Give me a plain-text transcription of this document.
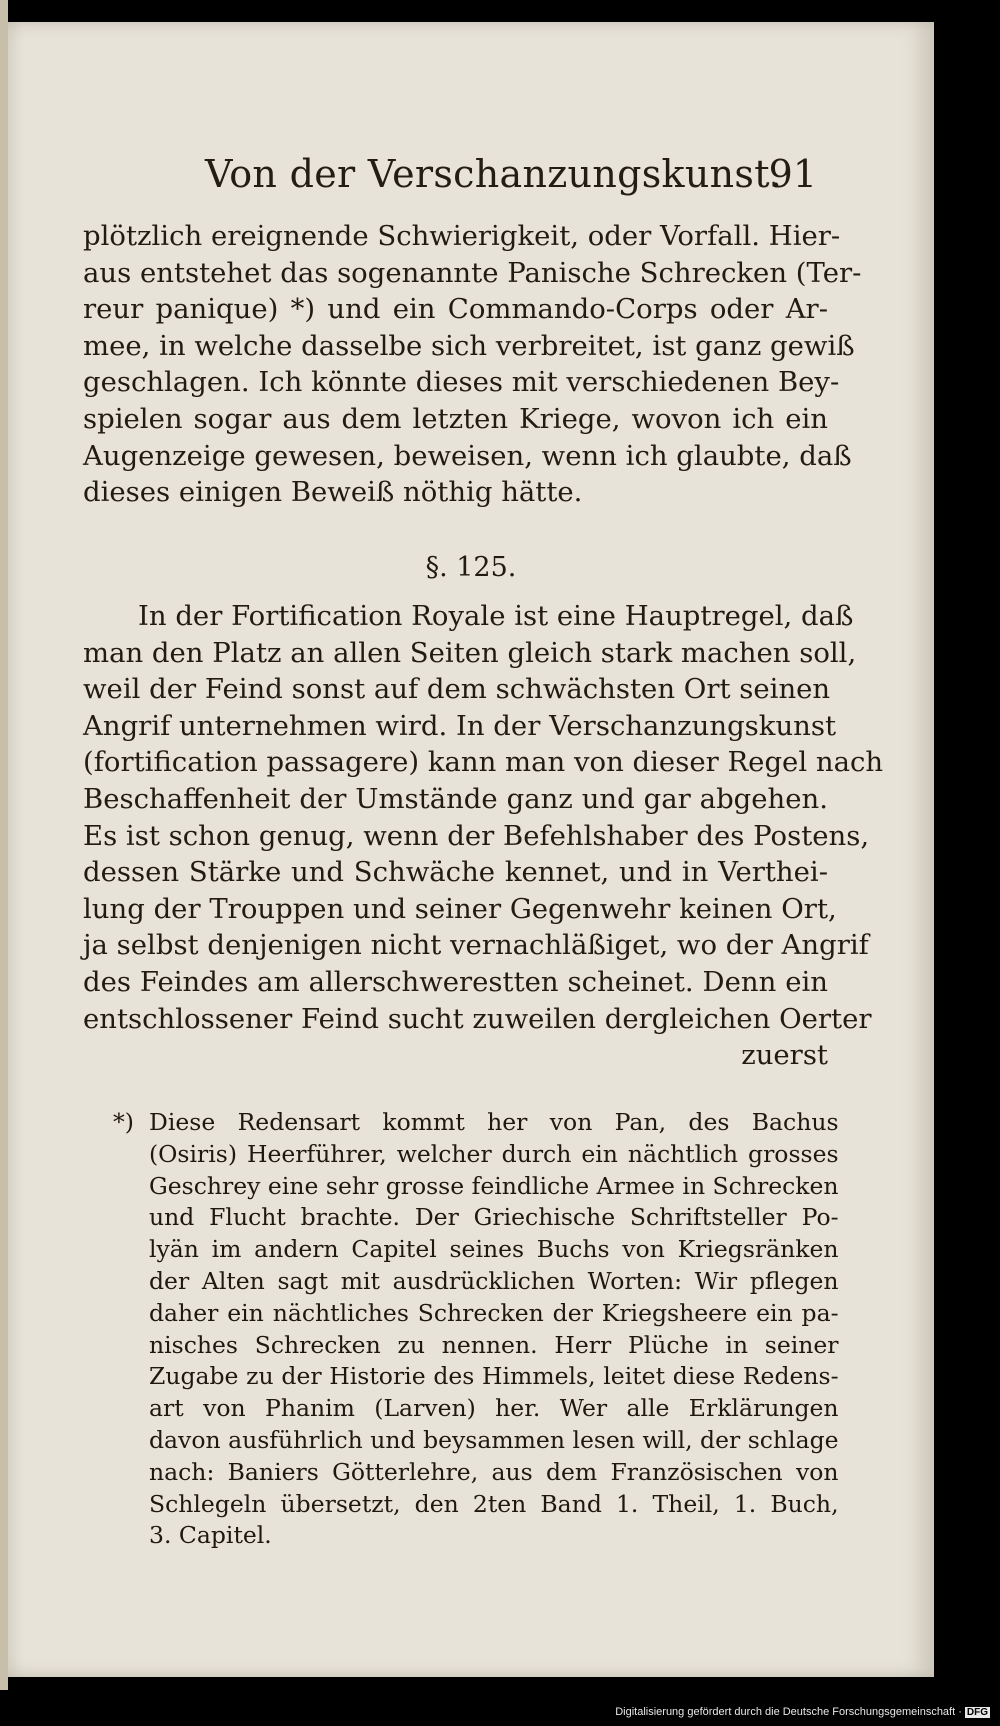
Von der Verschanzungskunst.
91
plötzlich ereignende Schwierigkeit, oder Vorfall. Hier-
aus entstehet das sogenannte Panische Schrecken (Ter-
reur panique) *) und ein Commando-Corps oder Ar-
mee, in welche dasselbe sich verbreitet, ist ganz gewiß
geschlagen. Ich könnte dieses mit verschiedenen Bey-
spielen sogar aus dem letzten Kriege, wovon ich ein
Augenzeige gewesen, beweisen, wenn ich glaubte, daß
dieses einigen Beweiß nöthig hätte.
§. 125.
In der Fortification Royale ist eine Hauptregel, daß
man den Platz an allen Seiten gleich stark machen soll,
weil der Feind sonst auf dem schwächsten Ort seinen
Angrif unternehmen wird. In der Verschanzungskunst
(fortification passagere) kann man von dieser Regel nach
Beschaffenheit der Umstände ganz und gar abgehen.
Es ist schon genug, wenn der Befehlshaber des Postens,
dessen Stärke und Schwäche kennet, und in Verthei-
lung der Trouppen und seiner Gegenwehr keinen Ort,
ja selbst denjenigen nicht vernachläßiget, wo der Angrif
des Feindes am allerschwerestten scheinet. Denn ein
entschlossener Feind sucht zuweilen dergleichen Oerter
zuerst
*) Diese Redensart kommt her von Pan, des Bachus
(Osiris) Heerführer, welcher durch ein nächtlich grosses
Geschrey eine sehr grosse feindliche Armee in Schrecken
und Flucht brachte. Der Griechische Schriftsteller Po-
lyän im andern Capitel seines Buchs von Kriegsränken
der Alten sagt mit ausdrücklichen Worten: Wir pflegen
daher ein nächtliches Schrecken der Kriegsheere ein pa-
nisches Schrecken zu nennen. Herr Plüche in seiner
Zugabe zu der Historie des Himmels, leitet diese Redens-
art von Phanim (Larven) her. Wer alle Erklärungen
davon ausführlich und beysammen lesen will, der schlage
nach: Baniers Götterlehre, aus dem Französischen von
Schlegeln übersetzt, den 2ten Band 1. Theil, 1. Buch,
3. Capitel.
Digitalisierung gefördert durch die Deutsche Forschungsgemeinschaft · DFG
